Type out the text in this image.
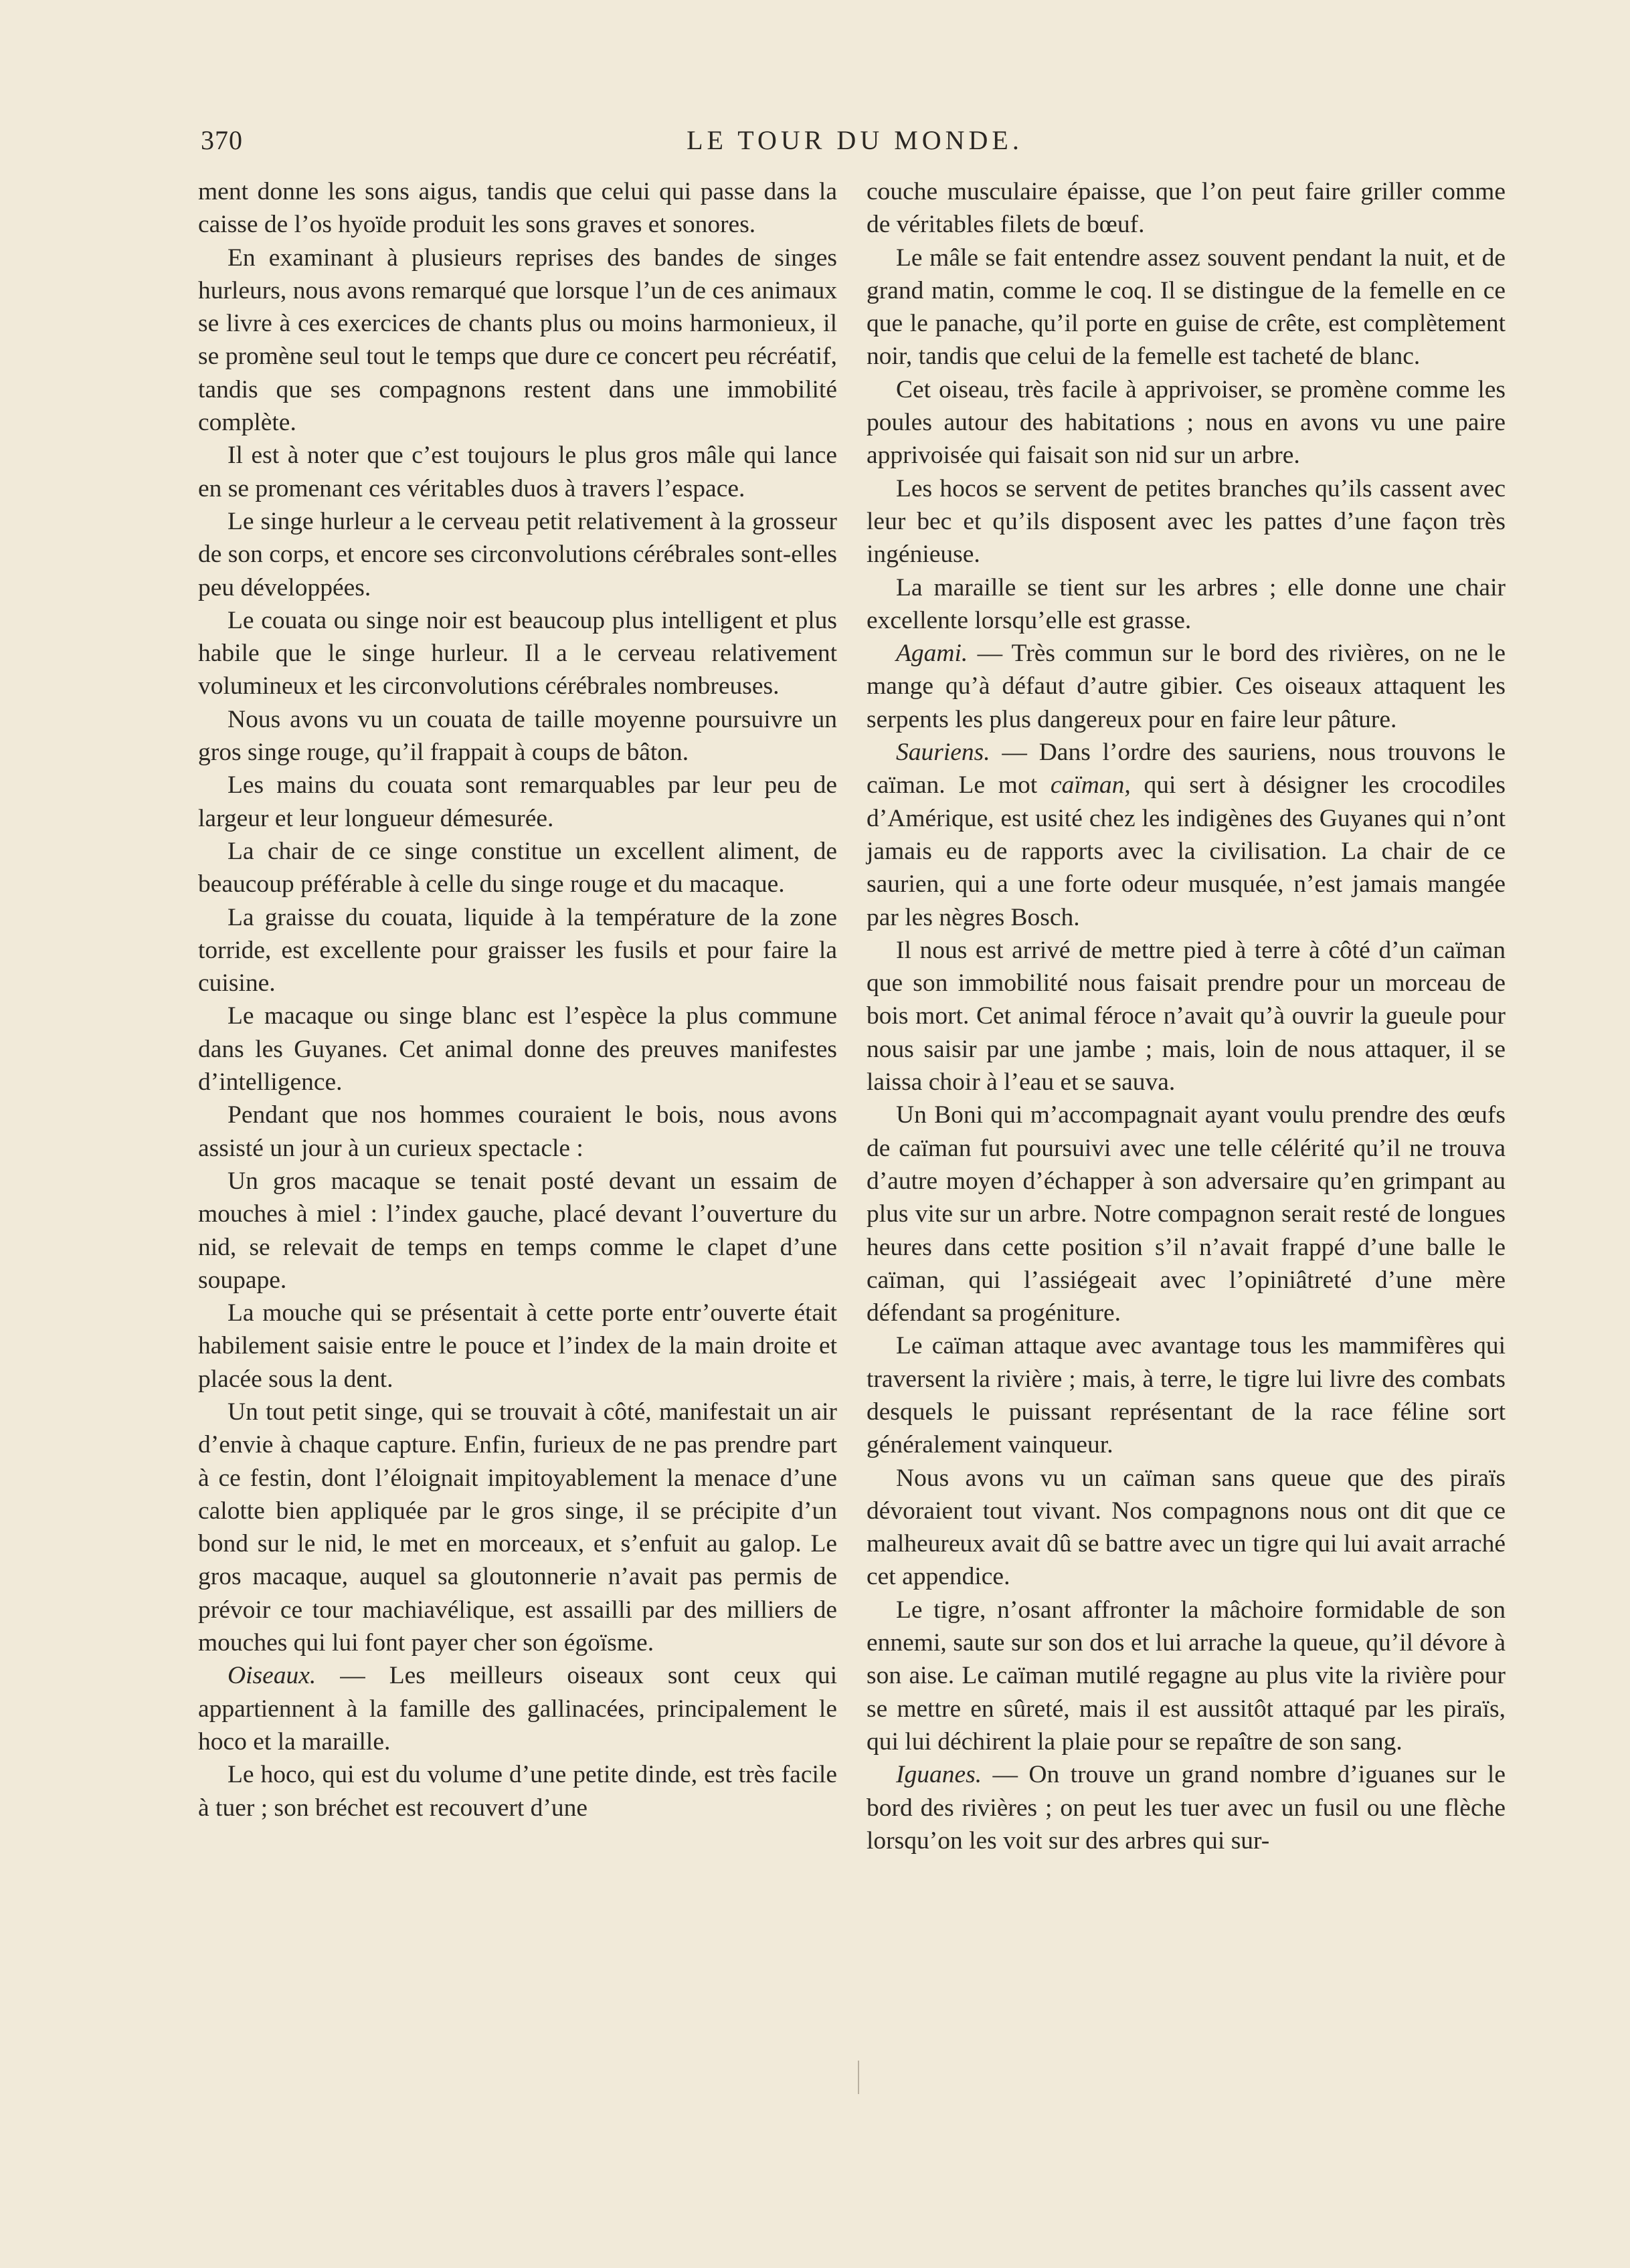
370	LE TOUR DU MONDE.

ment donne les sons aigus, tandis que celui qui passe dans la caisse de l’os hyoïde produit les sons graves et sonores.

En examinant à plusieurs reprises des bandes de singes hurleurs, nous avons remarqué que lorsque l’un de ces animaux se livre à ces exercices de chants plus ou moins harmonieux, il se promène seul tout le temps que dure ce concert peu récréatif, tandis que ses compagnons restent dans une immobilité complète.

Il est à noter que c’est toujours le plus gros mâle qui lance en se promenant ces véritables duos à travers l’espace.

Le singe hurleur a le cerveau petit relativement à la grosseur de son corps, et encore ses circonvolutions cérébrales sont-elles peu développées.

Le couata ou singe noir est beaucoup plus intelligent et plus habile que le singe hurleur. Il a le cerveau relativement volumineux et les circonvolutions cérébrales nombreuses.

Nous avons vu un couata de taille moyenne poursuivre un gros singe rouge, qu’il frappait à coups de bâton.

Les mains du couata sont remarquables par leur peu de largeur et leur longueur démesurée.

La chair de ce singe constitue un excellent aliment, de beaucoup préférable à celle du singe rouge et du macaque.

La graisse du couata, liquide à la température de la zone torride, est excellente pour graisser les fusils et pour faire la cuisine.

Le macaque ou singe blanc est l’espèce la plus commune dans les Guyanes. Cet animal donne des preuves manifestes d’intelligence.

Pendant que nos hommes couraient le bois, nous avons assisté un jour à un curieux spectacle :

Un gros macaque se tenait posté devant un essaim de mouches à miel : l’index gauche, placé devant l’ouverture du nid, se relevait de temps en temps comme le clapet d’une soupape.

La mouche qui se présentait à cette porte entr’ouverte était habilement saisie entre le pouce et l’index de la main droite et placée sous la dent.

Un tout petit singe, qui se trouvait à côté, manifestait un air d’envie à chaque capture. Enfin, furieux de ne pas prendre part à ce festin, dont l’éloignait impitoyablement la menace d’une calotte bien appliquée par le gros singe, il se précipite d’un bond sur le nid, le met en morceaux, et s’enfuit au galop. Le gros macaque, auquel sa gloutonnerie n’avait pas permis de prévoir ce tour machiavélique, est assailli par des milliers de mouches qui lui font payer cher son égoïsme.

Oiseaux. — Les meilleurs oiseaux sont ceux qui appartiennent à la famille des gallinacées, principalement le hoco et la maraille.

Le hoco, qui est du volume d’une petite dinde, est très facile à tuer ; son bréchet est recouvert d’une

couche musculaire épaisse, que l’on peut faire griller comme de véritables filets de bœuf.

Le mâle se fait entendre assez souvent pendant la nuit, et de grand matin, comme le coq. Il se distingue de la femelle en ce que le panache, qu’il porte en guise de crête, est complètement noir, tandis que celui de la femelle est tacheté de blanc.

Cet oiseau, très facile à apprivoiser, se promène comme les poules autour des habitations ; nous en avons vu une paire apprivoisée qui faisait son nid sur un arbre.

Les hocos se servent de petites branches qu’ils cassent avec leur bec et qu’ils disposent avec les pattes d’une façon très ingénieuse.

La maraille se tient sur les arbres ; elle donne une chair excellente lorsqu’elle est grasse.

Agami. — Très commun sur le bord des rivières, on ne le mange qu’à défaut d’autre gibier. Ces oiseaux attaquent les serpents les plus dangereux pour en faire leur pâture.

Sauriens. — Dans l’ordre des sauriens, nous trouvons le caïman. Le mot caïman, qui sert à désigner les crocodiles d’Amérique, est usité chez les indigènes des Guyanes qui n’ont jamais eu de rapports avec la civilisation. La chair de ce saurien, qui a une forte odeur musquée, n’est jamais mangée par les nègres Bosch.

Il nous est arrivé de mettre pied à terre à côté d’un caïman que son immobilité nous faisait prendre pour un morceau de bois mort. Cet animal féroce n’avait qu’à ouvrir la gueule pour nous saisir par une jambe ; mais, loin de nous attaquer, il se laissa choir à l’eau et se sauva.

Un Boni qui m’accompagnait ayant voulu prendre des œufs de caïman fut poursuivi avec une telle célérité qu’il ne trouva d’autre moyen d’échapper à son adversaire qu’en grimpant au plus vite sur un arbre. Notre compagnon serait resté de longues heures dans cette position s’il n’avait frappé d’une balle le caïman, qui l’assiégeait avec l’opiniâtreté d’une mère défendant sa progéniture.

Le caïman attaque avec avantage tous les mammifères qui traversent la rivière ; mais, à terre, le tigre lui livre des combats desquels le puissant représentant de la race féline sort généralement vainqueur.

Nous avons vu un caïman sans queue que des piraïs dévoraient tout vivant. Nos compagnons nous ont dit que ce malheureux avait dû se battre avec un tigre qui lui avait arraché cet appendice.

Le tigre, n’osant affronter la mâchoire formidable de son ennemi, saute sur son dos et lui arrache la queue, qu’il dévore à son aise. Le caïman mutilé regagne au plus vite la rivière pour se mettre en sûreté, mais il est aussitôt attaqué par les piraïs, qui lui déchirent la plaie pour se repaître de son sang.

Iguanes. — On trouve un grand nombre d’iguanes sur le bord des rivières ; on peut les tuer avec un fusil ou une flèche lorsqu’on les voit sur des arbres qui sur-
